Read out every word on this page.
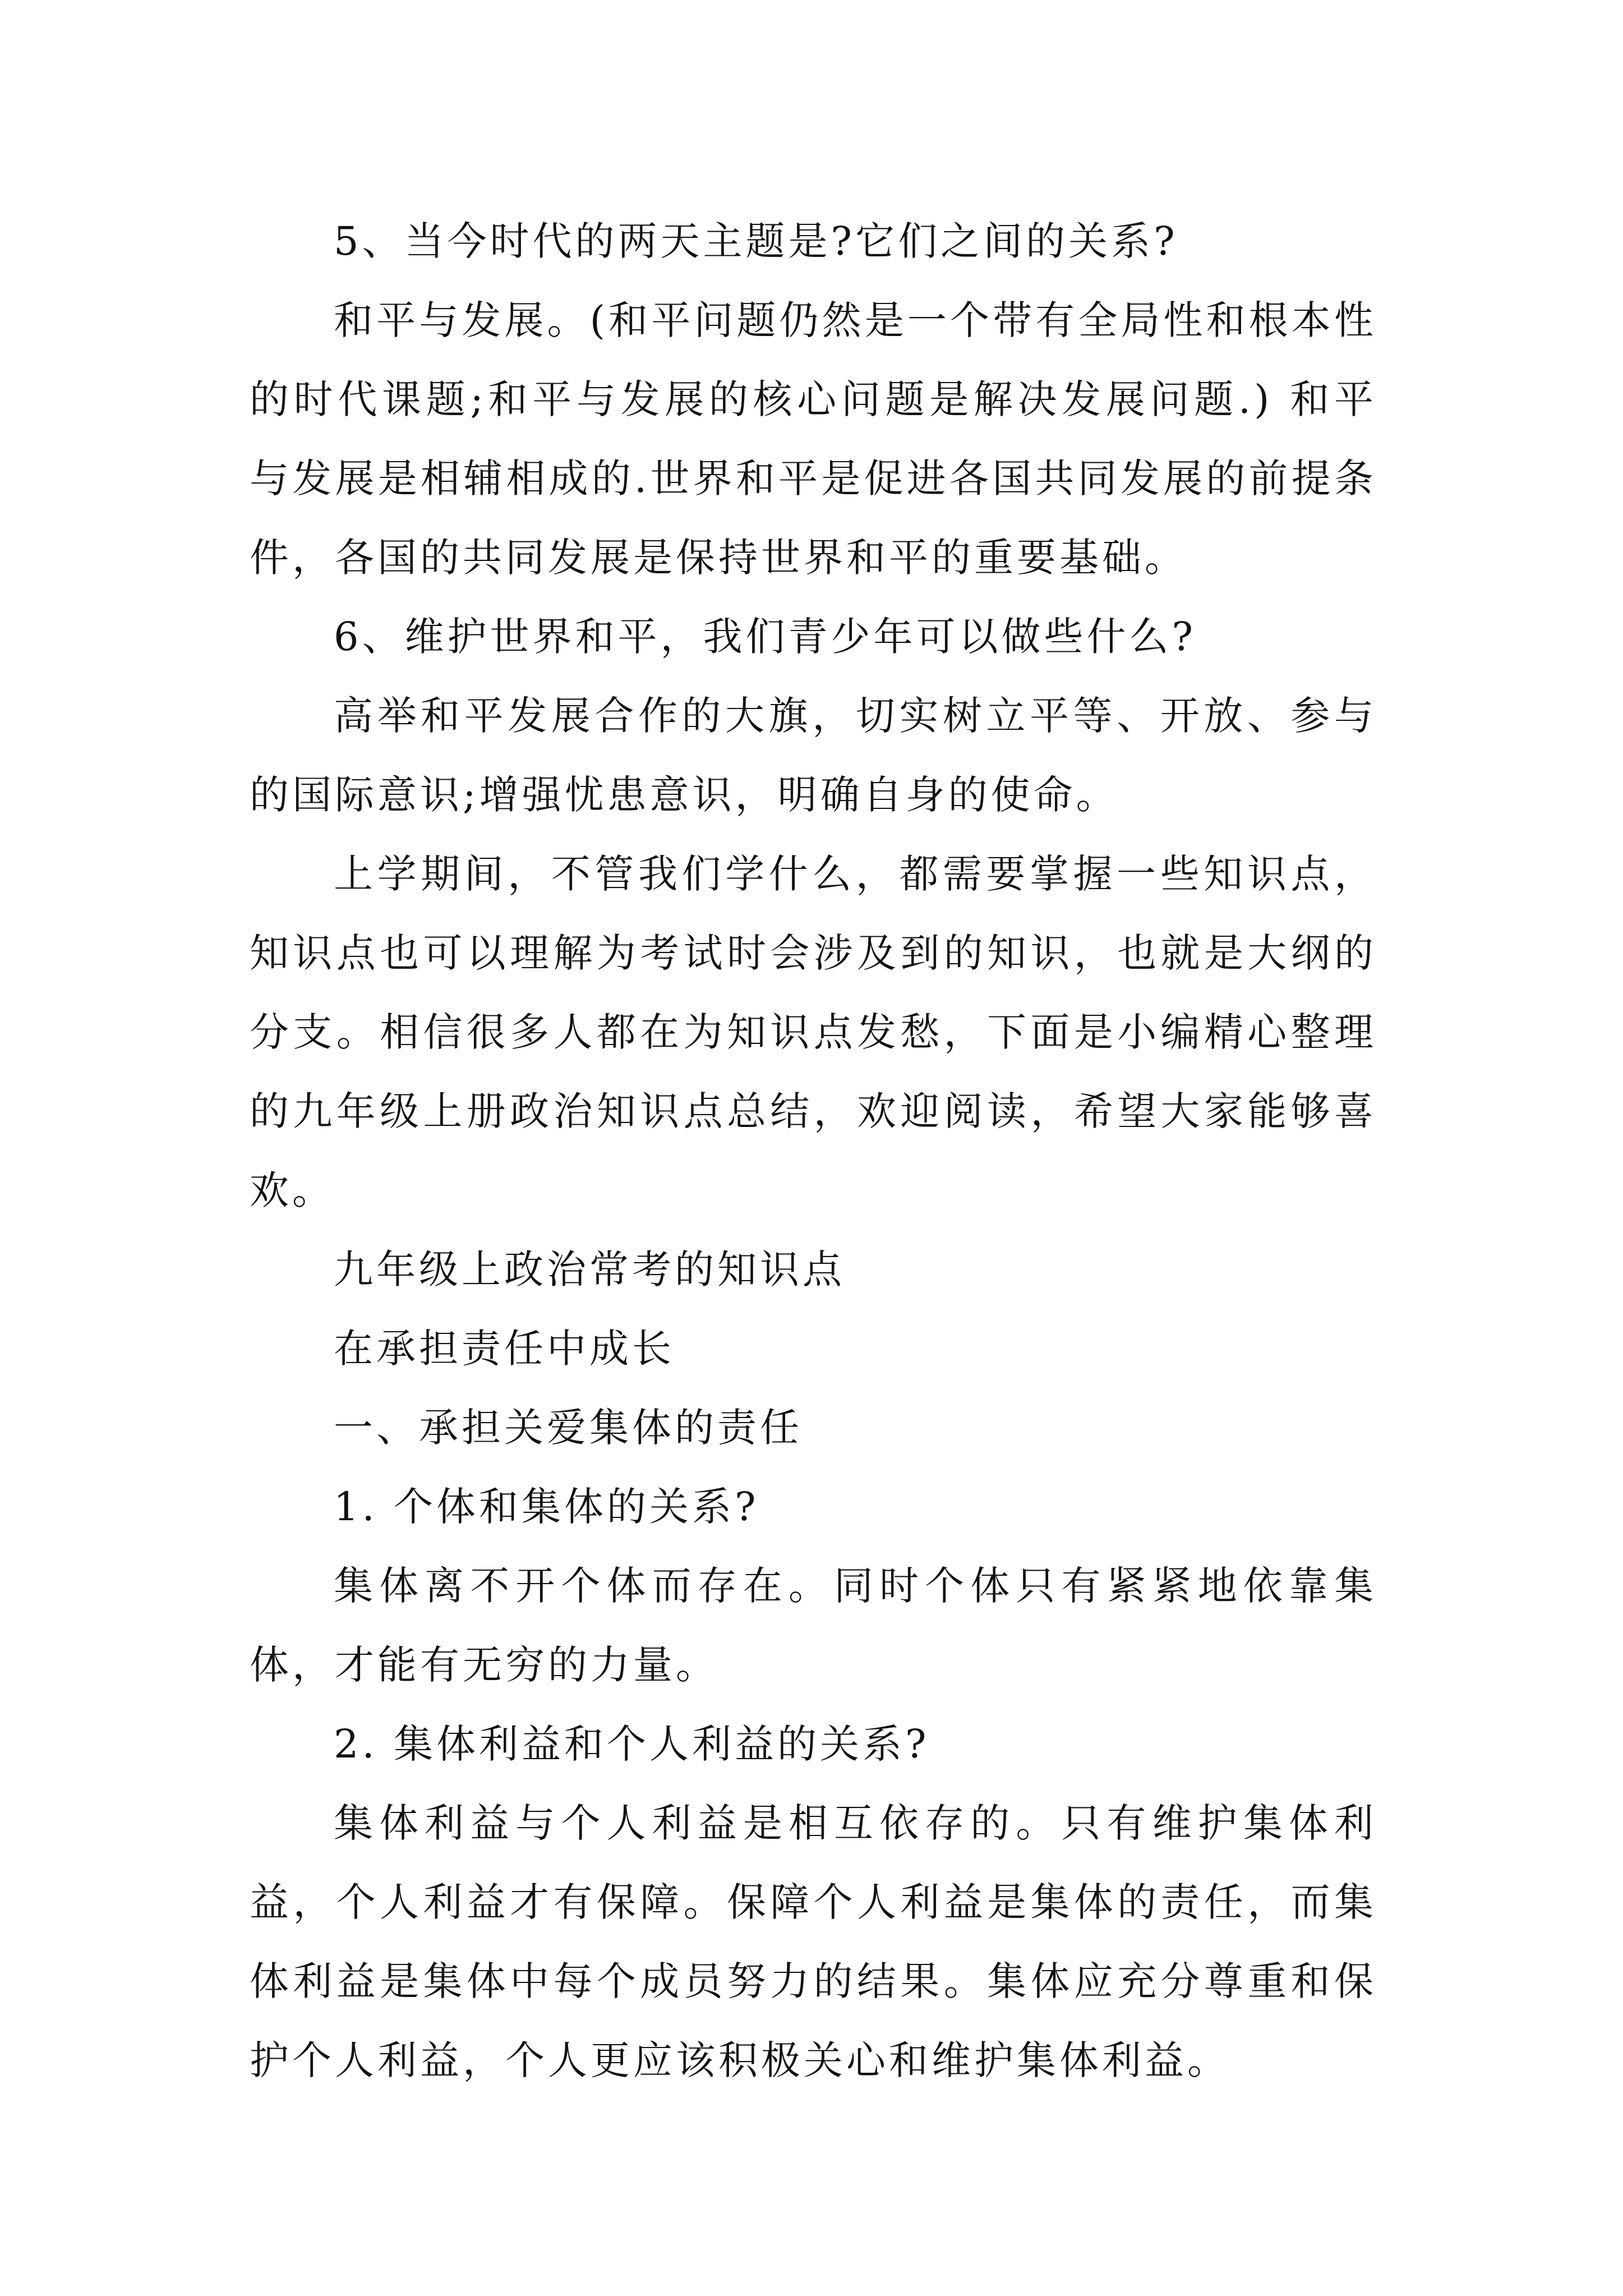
5、当今时代的两天主题是?它们之间的关系?

和平与发展。(和平问题仍然是一个带有全局性和根本性的时代课题;和平与发展的核心问题是解决发展问题.) 和平与发展是相辅相成的.世界和平是促进各国共同发展的前提条件，各国的共同发展是保持世界和平的重要基础。

6、维护世界和平，我们青少年可以做些什么?

高举和平发展合作的大旗，切实树立平等、开放、参与的国际意识;增强忧患意识，明确自身的使命。

上学期间，不管我们学什么，都需要掌握一些知识点，知识点也可以理解为考试时会涉及到的知识，也就是大纲的分支。相信很多人都在为知识点发愁，下面是小编精心整理的九年级上册政治知识点总结，欢迎阅读，希望大家能够喜欢。

九年级上政治常考的知识点

在承担责任中成长

一、承担关爱集体的责任

1. 个体和集体的关系?

集体离不开个体而存在。同时个体只有紧紧地依靠集体，才能有无穷的力量。

2. 集体利益和个人利益的关系?

集体利益与个人利益是相互依存的。只有维护集体利益，个人利益才有保障。保障个人利益是集体的责任，而集体利益是集体中每个成员努力的结果。集体应充分尊重和保护个人利益，个人更应该积极关心和维护集体利益。
